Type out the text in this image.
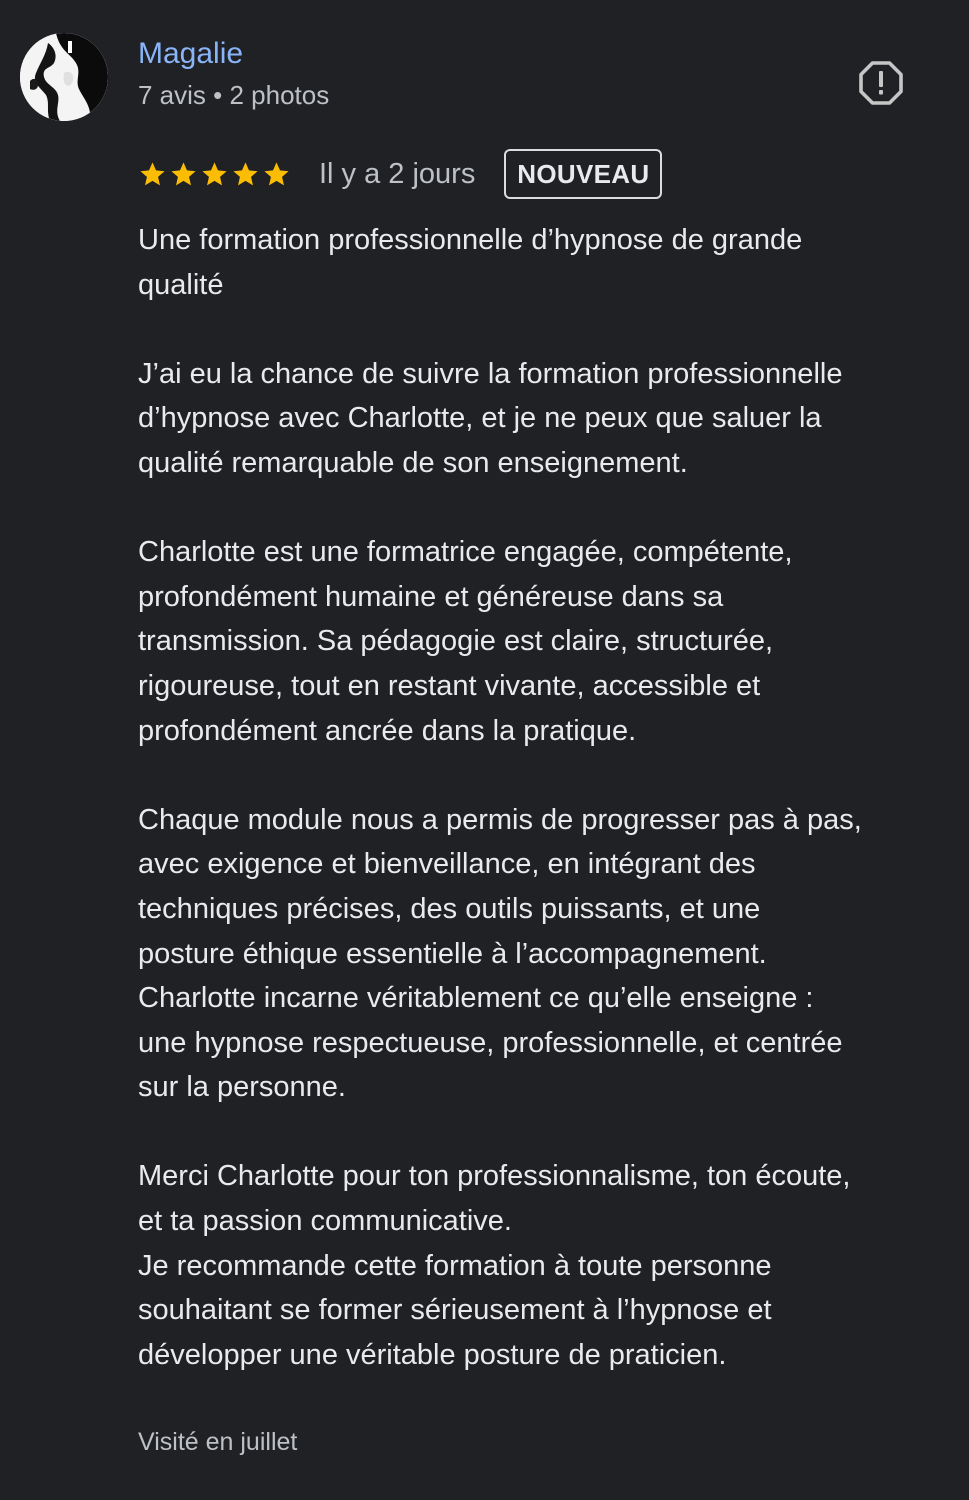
Magalie
7 avis • 2 photos
Il y a 2 jours	NOUVEAU

Une formation professionnelle d’hypnose de grande
qualité

J’ai eu la chance de suivre la formation professionnelle
d’hypnose avec Charlotte, et je ne peux que saluer la
qualité remarquable de son enseignement.

Charlotte est une formatrice engagée, compétente,
profondément humaine et généreuse dans sa
transmission. Sa pédagogie est claire, structurée,
rigoureuse, tout en restant vivante, accessible et
profondément ancrée dans la pratique.

Chaque module nous a permis de progresser pas à pas,
avec exigence et bienveillance, en intégrant des
techniques précises, des outils puissants, et une
posture éthique essentielle à l’accompagnement.
Charlotte incarne véritablement ce qu’elle enseigne :
une hypnose respectueuse, professionnelle, et centrée
sur la personne.

Merci Charlotte pour ton professionnalisme, ton écoute,
et ta passion communicative.
Je recommande cette formation à toute personne
souhaitant se former sérieusement à l’hypnose et
développer une véritable posture de praticien.

Visité en juillet
